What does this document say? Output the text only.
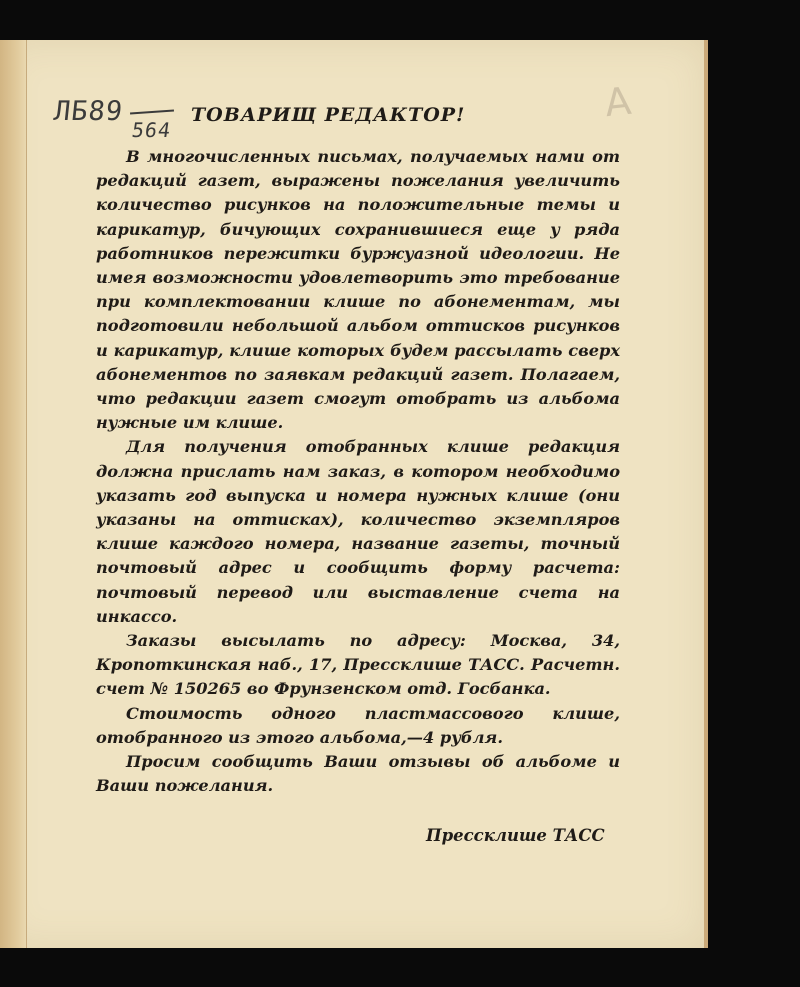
ЛБ89
564
А
ТОВАРИЩ РЕДАКТОР!

В многочисленных письмах, получаемых нами от редакций газет, выражены пожелания увеличить количество рисунков на положительные темы и карикатур, бичующих сохранившиеся еще у ряда работников пережитки буржуазной идеологии. Не имея возможности удовлетворить это требование при комплектовании клише по абонементам, мы подготовили небольшой альбом оттисков рисунков и карикатур, клише которых будем рассылать сверх абонементов по заявкам редакций газет. Полагаем, что редакции газет смогут отобрать из альбома нужные им клише.

Для получения отобранных клише редакция должна прислать нам заказ, в котором необходимо указать год выпуска и номера нужных клише (они указаны на оттисках), количество экземпляров клише каждого номера, название газеты, точный почтовый адрес и сообщить форму расчета: почтовый перевод или выставление счета на инкассо.

Заказы высылать по адресу: Москва, 34, Кропоткинская наб., 17, Прессклише ТАСС. Расчетн. счет № 150265 во Фрунзенском отд. Госбанка.

Стоимость одного пластмассового клише, отобранного из этого альбома,—4 рубля.

Просим сообщить Ваши отзывы об альбоме и Ваши пожелания.

Прессклише ТАСС
